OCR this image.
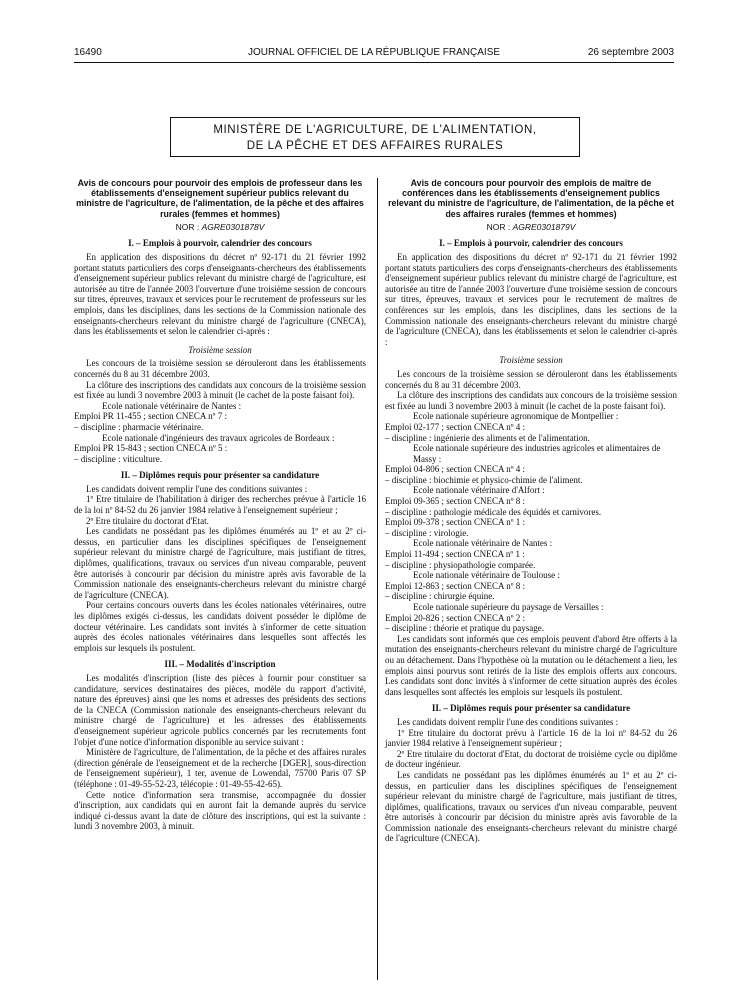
16490	JOURNAL OFFICIEL DE LA RÉPUBLIQUE FRANÇAISE	26 septembre 2003
MINISTÈRE DE L'AGRICULTURE, DE L'ALIMENTATION,
DE LA PÊCHE ET DES AFFAIRES RURALES

Avis de concours pour pourvoir des emplois de professeur dans les établissements d'enseignement supérieur publics relevant du ministre de l'agriculture, de l'alimentation, de la pêche et des affaires rurales (femmes et hommes)

NOR : AGRE0301878V
I. – Emplois à pourvoir, calendrier des concours

En application des dispositions du décret nº 92-171 du 21 février 1992 portant statuts particuliers des corps d'enseignants-chercheurs des établissements d'enseignement supérieur publics relevant du ministre chargé de l'agriculture, est autorisée au titre de l'année 2003 l'ouverture d'une troisième session de concours sur titres, épreuves, travaux et services pour le recrutement de professeurs sur les emplois, dans les disciplines, dans les sections de la Commission nationale des enseignants-chercheurs relevant du ministre chargé de l'agriculture (CNECA), dans les établissements et selon le calendrier ci-après :

Troisième session

Les concours de la troisième session se dérouleront dans les établissements concernés du 8 au 31 décembre 2003.

La clôture des inscriptions des candidats aux concours de la troisième session est fixée au lundi 3 novembre 2003 à minuit (le cachet de la poste faisant foi).

Ecole nationale vétérinaire de Nantes :

Emploi PR 11-455 ; section CNECA nº 7 :

– discipline : pharmacie vétérinaire.

Ecole nationale d'ingénieurs des travaux agricoles de Bordeaux :

Emploi PR 15-843 ; section CNECA nº 5 :

– discipline : viticulture.

II. – Diplômes requis pour présenter sa candidature

Les candidats doivent remplir l'une des conditions suivantes :

1º Etre titulaire de l'habilitation à diriger des recherches prévue à l'article 16 de la loi nº 84-52 du 26 janvier 1984 relative à l'enseignement supérieur ;

2º Etre titulaire du doctorat d'Etat.

Les candidats ne possédant pas les diplômes énumérés au 1º et au 2º ci-dessus, en particulier dans les disciplines spécifiques de l'enseignement supérieur relevant du ministre chargé de l'agriculture, mais justifiant de titres, diplômes, qualifications, travaux ou services d'un niveau comparable, peuvent être autorisés à concourir par décision du ministre après avis favorable de la Commission nationale des enseignants-chercheurs relevant du ministre chargé de l'agriculture (CNECA).

Pour certains concours ouverts dans les écoles nationales vétérinaires, outre les diplômes exigés ci-dessus, les candidats doivent posséder le diplôme de docteur vétérinaire. Les candidats sont invités à s'informer de cette situation auprès des écoles nationales vétérinaires dans lesquelles sont affectés les emplois sur lesquels ils postulent.

III. – Modalités d'inscription

Les modalités d'inscription (liste des pièces à fournir pour constituer sa candidature, services destinataires des pièces, modèle du rapport d'activité, nature des épreuves) ainsi que les noms et adresses des présidents des sections de la CNECA (Commission nationale des enseignants-chercheurs relevant du ministre chargé de l'agriculture) et les adresses des établissements d'enseignement supérieur agricole publics concernés par les recrutements font l'objet d'une notice d'information disponible au service suivant :

Ministère de l'agriculture, de l'alimentation, de la pêche et des affaires rurales (direction générale de l'enseignement et de la recherche [DGER], sous-direction de l'enseignement supérieur), 1 ter, avenue de Lowendal, 75700 Paris 07 SP (téléphone : 01-49-55-52-23, télécopie : 01-49-55-42-65).

Cette notice d'information sera transmise, accompagnée du dossier d'inscription, aux candidats qui en auront fait la demande auprès du service indiqué ci-dessus avant la date de clôture des inscriptions, qui est la suivante : lundi 3 novembre 2003, à minuit.

Avis de concours pour pourvoir des emplois de maître de conférences dans les établissements d'enseignement publics relevant du ministre de l'agriculture, de l'alimentation, de la pêche et des affaires rurales (femmes et hommes)

NOR : AGRE0301879V
I. – Emplois à pourvoir, calendrier des concours

En application des dispositions du décret nº 92-171 du 21 février 1992 portant statuts particuliers des corps d'enseignants-chercheurs des établissements d'enseignement supérieur publics relevant du ministre chargé de l'agriculture, est autorisée au titre de l'année 2003 l'ouverture d'une troisième session de concours sur titres, épreuves, travaux et services pour le recrutement de maîtres de conférences sur les emplois, dans les disciplines, dans les sections de la Commission nationale des enseignants-chercheurs relevant du ministre chargé de l'agriculture (CNECA), dans les établissements et selon le calendrier ci-après :

Troisième session

Les concours de la troisième session se dérouleront dans les établissements concernés du 8 au 31 décembre 2003.

La clôture des inscriptions des candidats aux concours de la troisième session est fixée au lundi 3 novembre 2003 à minuit (le cachet de la poste faisant foi).

Ecole nationale supérieure agronomique de Montpellier :

Emploi 02-177 ; section CNECA nº 4 :

– discipline : ingénierie des aliments et de l'alimentation.

Ecole nationale supérieure des industries agricoles et alimentaires de Massy :

Emploi 04-806 ; section CNECA nº 4 :

– discipline : biochimie et physico-chimie de l'aliment.

Ecole nationale vétérinaire d'Alfort :

Emploi 09-365 ; section CNECA nº 8 :

– discipline : pathologie médicale des équidés et carnivores.

Emploi 09-378 ; section CNECA nº 1 :

– discipline : virologie.

Ecole nationale vétérinaire de Nantes :

Emploi 11-494 ; section CNECA nº 1 :

– discipline : physiopathologie comparée.

Ecole nationale vétérinaire de Toulouse :

Emploi 12-863 ; section CNECA nº 8 :

– discipline : chirurgie équine.

Ecole nationale supérieure du paysage de Versailles :

Emploi 20-826 ; section CNECA nº 2 :

– discipline : théorie et pratique du paysage.

Les candidats sont informés que ces emplois peuvent d'abord être offerts à la mutation des enseignants-chercheurs relevant du ministre chargé de l'agriculture ou au détachement. Dans l'hypothèse où la mutation ou le détachement a lieu, les emplois ainsi pourvus sont retirés de la liste des emplois offerts aux concours. Les candidats sont donc invités à s'informer de cette situation auprès des écoles dans lesquelles sont affectés les emplois sur lesquels ils postulent.

II. – Diplômes requis pour présenter sa candidature

Les candidats doivent remplir l'une des conditions suivantes :

1º Etre titulaire du doctorat prévu à l'article 16 de la loi nº 84-52 du 26 janvier 1984 relative à l'enseignement supérieur ;

2º Etre titulaire du doctorat d'Etat, du doctorat de troisième cycle ou diplôme de docteur ingénieur.

Les candidats ne possédant pas les diplômes énumérés au 1º et au 2º ci-dessus, en particulier dans les disciplines spécifiques de l'enseignement supérieur relevant du ministre chargé de l'agriculture, mais justifiant de titres, diplômes, qualifications, travaux ou services d'un niveau comparable, peuvent être autorisés à concourir par décision du ministre après avis favorable de la Commission nationale des enseignants-chercheurs relevant du ministre chargé de l'agriculture (CNECA).
